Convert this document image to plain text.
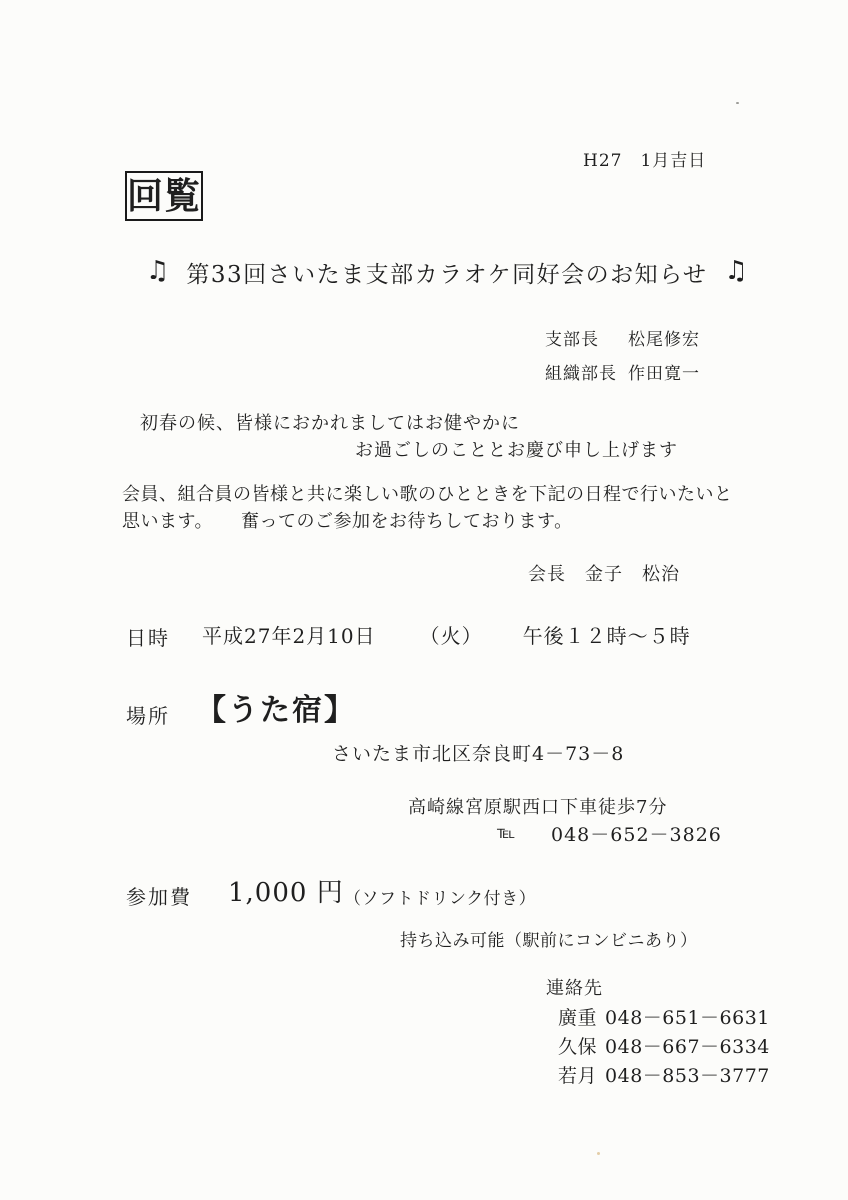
H27　1月吉日
回覧
♫ 第33回さいたま支部カラオケ同好会のお知らせ ♫
支部長	松尾修宏
組織部長 作田寛一
初春の候、皆様におかれましてはお健やかに
お過ごしのこととお慶び申し上げます
会員、組合員の皆様と共に楽しい歌のひとときを下記の日程で行いたいと
思います。　　奮ってのご参加をお待ちしております。
会長　金子　松治
日時 平成27年2月10日 （火） 午後１２時～５時
場所 【うた宿】
さいたま市北区奈良町4－73－8
高崎線宮原駅西口下車徒歩7分
℡ 048－652－3826
参加費 1,000 円 （ソフトドリンク付き）
持ち込み可能（駅前にコンビニあり）
連絡先
廣重 048－651－6631
久保 048－667－6334
若月 048－853－3777
